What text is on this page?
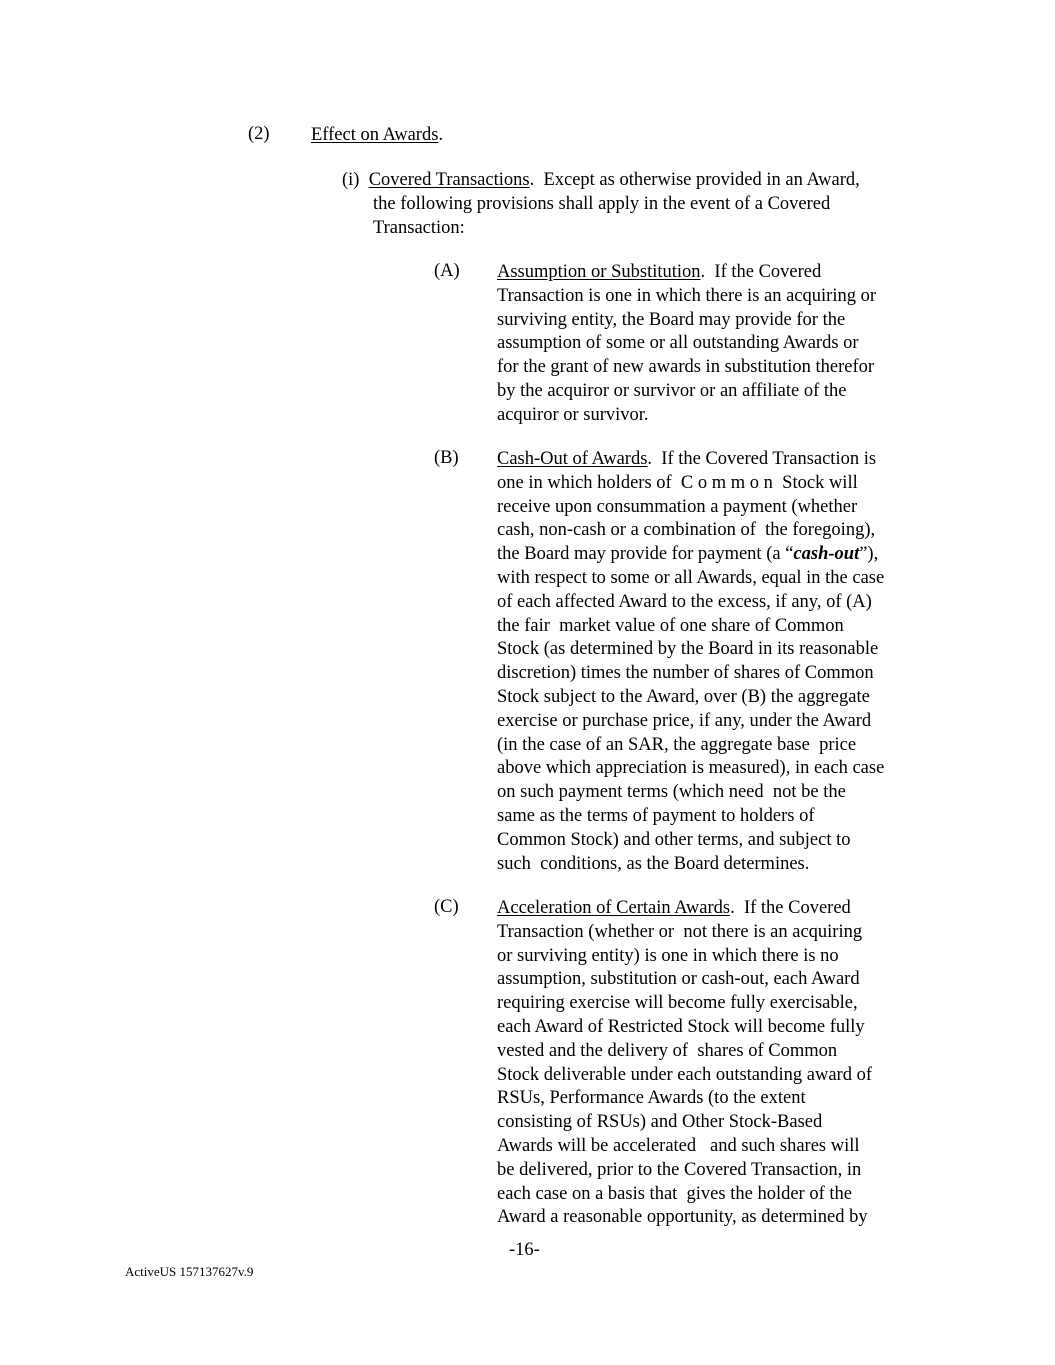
(2) Effect on Awards.
(i) Covered Transactions.  Except as otherwise provided in an Award,
the following provisions shall apply in the event of a Covered
Transaction:
(A) Assumption or Substitution.  If the Covered
Transaction is one in which there is an acquiring or
surviving entity, the Board may provide for the
assumption of some or all outstanding Awards or
for the grant of new awards in substitution therefor
by the acquiror or survivor or an affiliate of the
acquiror or survivor.
(B) Cash-Out of Awards.  If the Covered Transaction is
one in which holders of  C o m m o n  Stock will
receive upon consummation a payment (whether
cash, non-cash or a combination of  the foregoing),
the Board may provide for payment (a “cash-out”),
with respect to some or all Awards, equal in the case
of each affected Award to the excess, if any, of (A)
the fair  market value of one share of Common
Stock (as determined by the Board in its reasonable
discretion) times the number of shares of Common
Stock subject to the Award, over (B) the aggregate
exercise or purchase price, if any, under the Award
(in the case of an SAR, the aggregate base  price
above which appreciation is measured), in each case
on such payment terms (which need  not be the
same as the terms of payment to holders of
Common Stock) and other terms, and subject to
such  conditions, as the Board determines.
(C) Acceleration of Certain Awards.  If the Covered
Transaction (whether or  not there is an acquiring
or surviving entity) is one in which there is no
assumption, substitution or cash-out, each Award
requiring exercise will become fully exercisable,
each Award of Restricted Stock will become fully
vested and the delivery of  shares of Common
Stock deliverable under each outstanding award of
RSUs, Performance Awards (to the extent
consisting of RSUs) and Other Stock-Based
Awards will be accelerated   and such shares will
be delivered, prior to the Covered Transaction, in
each case on a basis that  gives the holder of the
Award a reasonable opportunity, as determined by
-16-
ActiveUS 157137627v.9
